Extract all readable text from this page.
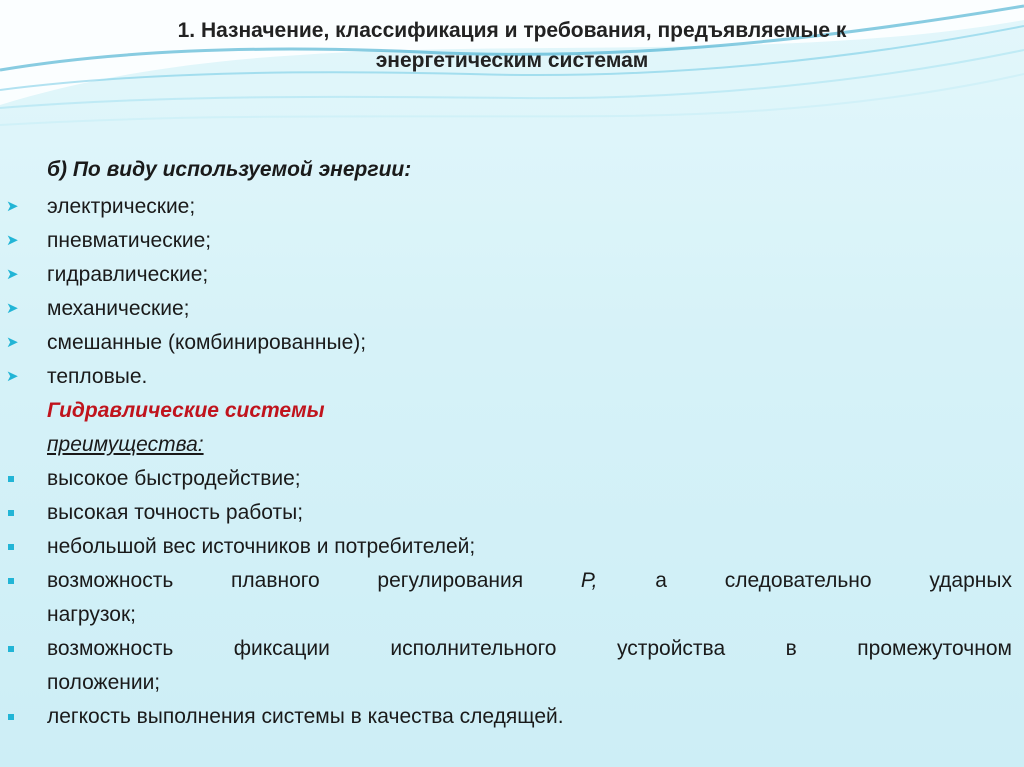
1. Назначение, классификация и требования, предъявляемые к
энергетическим системам
б) По виду используемой энергии:
➤ электрические;
➤ пневматические;
➤ гидравлические;
➤ механические;
➤ смешанные (комбинированные);
➤ тепловые.
Гидравлические системы
преимущества:
высокое быстродействие;
высокая точность работы;
небольшой вес источников и потребителей;
возможность	плавного	регулирования	Р,	а	следовательно	ударных
нагрузок;
возможность	фиксации	исполнительного	устройства	в	промежуточном
положении;
легкость выполнения системы в качества следящей.
